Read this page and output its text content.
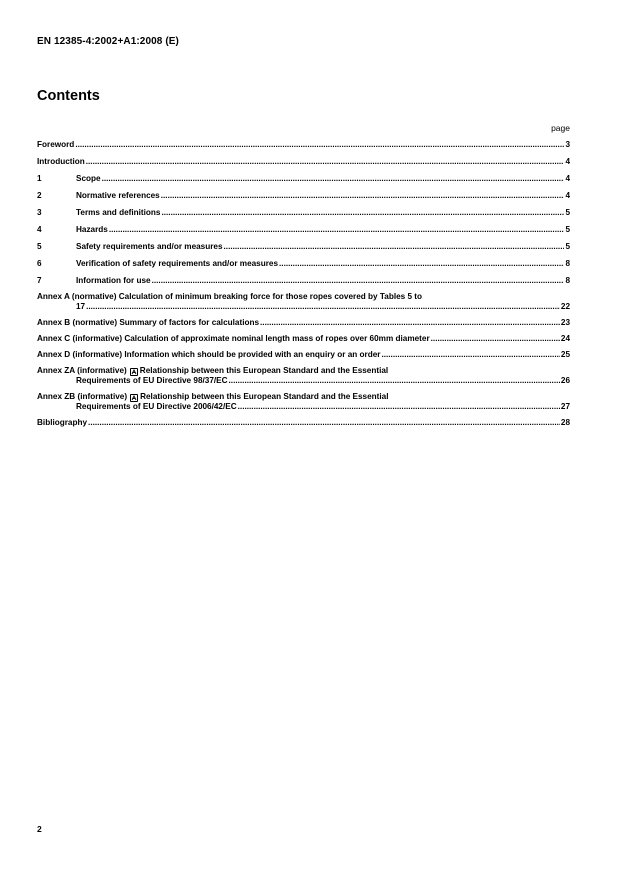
EN 12385-4:2002+A1:2008 (E)
Contents
page
Foreword .....	3
Introduction .....	4
1	Scope .....	4
2	Normative references .....	4
3	Terms and definitions .....	5
4	Hazards .....	5
5	Safety requirements and/or measures .....	5
6	Verification of safety requirements and/or measures .....	8
7	Information for use .....	8
Annex A (normative) Calculation of minimum breaking force for those ropes covered by Tables 5 to
17 .....	22
Annex B (normative) Summary of factors for calculations .....	23
Annex C (informative) Calculation of approximate nominal length mass of ropes over 60mm diameter .....	24
Annex D (informative) Information which should be provided with an enquiry or an order .....	25
Annex ZA (informative) Relationship between this European Standard and the Essential
Requirements of EU Directive 98/37/EC .....	26
Annex ZB (informative) Relationship between this European Standard and the Essential
Requirements of EU Directive 2006/42/EC .....	27
Bibliography .....	28
2
